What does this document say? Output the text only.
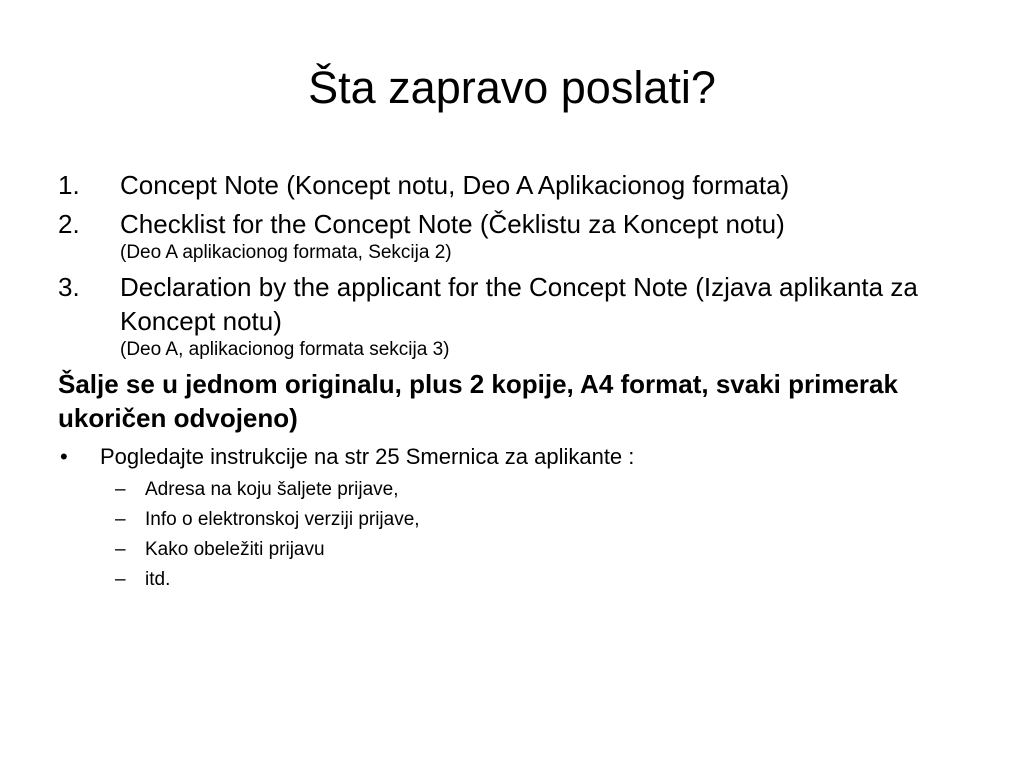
Šta zapravo poslati?
1. Concept Note (Koncept notu, Deo A Aplikacionog formata)
2. Checklist for the Concept Note (Čeklistu za Koncept notu)
(Deo A aplikacionog formata, Sekcija 2)
3. Declaration by the applicant for the Concept Note (Izjava aplikanta za Koncept notu)
(Deo A, aplikacionog formata sekcija 3)
Šalje se u jednom originalu, plus 2 kopije, A4 format, svaki primerak ukoričen odvojeno)
• Pogledajte instrukcije na str 25 Smernica za aplikante :
– Adresa na koju šaljete prijave,
– Info o elektronskoj verziji prijave,
– Kako obeležiti prijavu
– itd.
